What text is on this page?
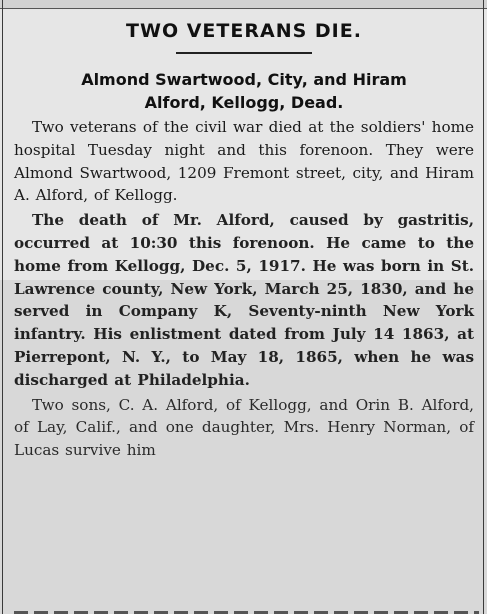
TWO VETERANS DIE.

Almond Swartwood, City, and Hiram

Alford, Kellogg, Dead.

Two veterans of the civil war died at the soldiers' home hospital Tuesday night and this forenoon. They were Almond Swartwood, 1209 Fremont street, city, and Hiram A. Alford, of Kellogg.

The death of Mr. Alford, caused by gastritis, occurred at 10:30 this forenoon. He came to the home from Kellogg, Dec. 5, 1917. He was born in St. Lawrence county, New York, March 25, 1830, and he served in Company K, Seventy-ninth New York infantry. His enlistment dated from July 14 1863, at Pierrepont, N. Y., to May 18, 1865, when he was discharged at Philadelphia.

Two sons, C. A. Alford, of Kellogg, and Orin B. Alford, of Lay, Calif., and one daughter, Mrs. Henry Norman, of Lucas survive him
